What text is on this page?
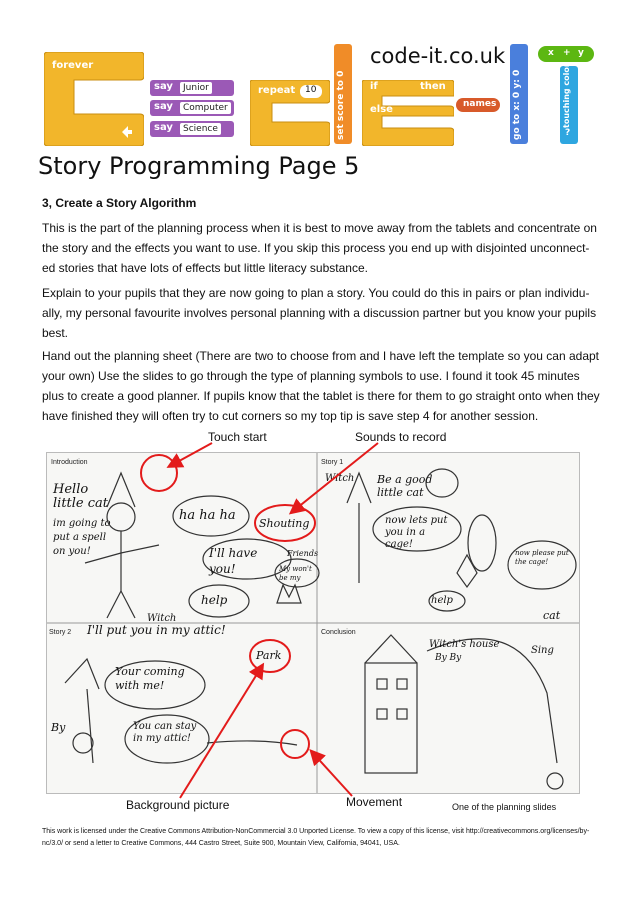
forever
say	Junior
say	Computer
say	Science
repeat 10
set score to 0
code-it.co.uk
if	then
else	names go to x: 0 y: 0
x + y
touching color
?
Story Programming Page 5
3, Create a Story Algorithm

This is the part of the planning process when it is best to move away from the tablets and concentrate on the story and the effects you want to use. If you skip this process you end up with disjointed unconnect-ed stories that have lots of effects but little literacy substance.

Explain to your pupils that they are now going to plan a story. You could do this in pairs or plan individu-ally, my personal favourite involves personal planning with a discussion partner but you know your pupils best.

Hand out the planning sheet (There are two to choose from and I have left the template so you can adapt your own) Use the slides to go through the type of planning symbols to use. I found it took 45 minutes plus to create a good planner. If pupils know that the tablet is there for them to go straight onto when they have finished they will often try to cut corners so my top tip is save step 4 for another session.

Touch start	Sounds to record
Introduction	Story 1
Story 2	Conclusion
Hello little cat
im going to put a spell on you!
ha ha ha
I'll have you!
help
Shouting
Friends
My won't be my
Be a good little cat
now lets put you in a cage!
help
now please put the cage!
Witch
cat
I'll put you in my attic!
Your coming with me!
You can stay in my attic!
Park
By
Witch
Witch's house
Sing
By By
Background picture	Movement	One of the planning slides
This work is licensed under the Creative Commons Attribution-NonCommercial 3.0 Unported License. To view a copy of this license, visit http://creativecommons.org/licenses/by-nc/3.0/ or send a letter to Creative Commons, 444 Castro Street, Suite 900, Mountain View, California, 94041, USA.
